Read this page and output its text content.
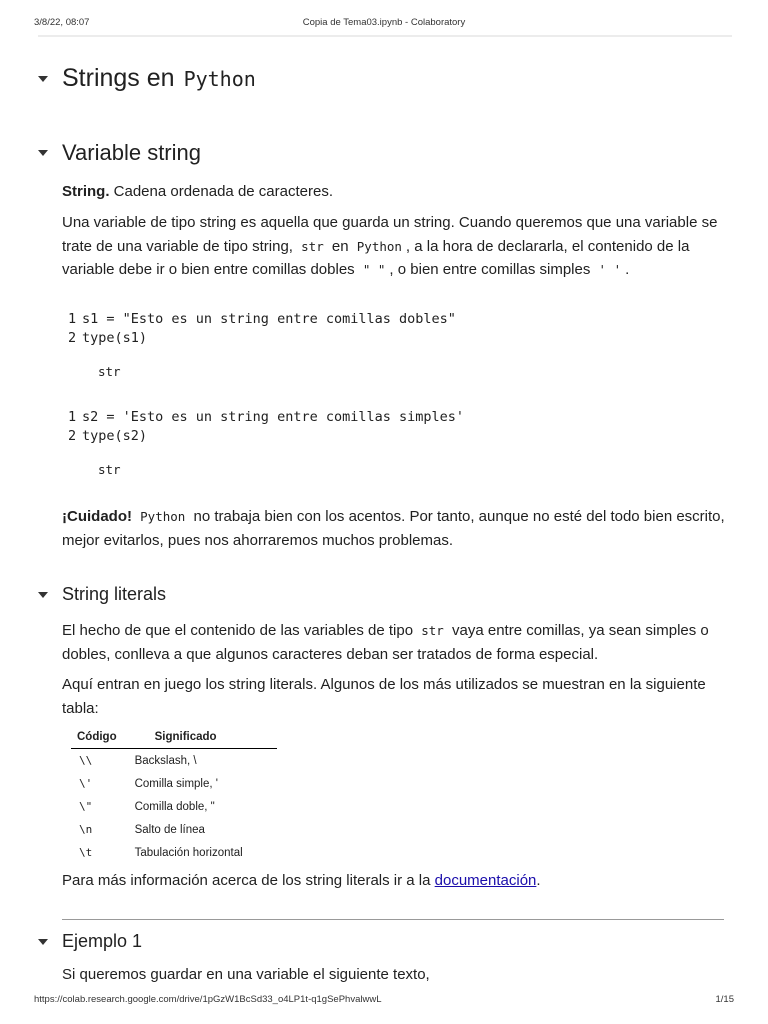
3/8/22, 08:07	Copia de Tema03.ipynb - Colaboratory
Strings en Python
Variable string
String. Cadena ordenada de caracteres.
Una variable de tipo string es aquella que guarda un string. Cuando queremos que una variable se trate de una variable de tipo string, str en Python , a la hora de declararla, el contenido de la variable debe ir o bien entre comillas dobles " " , o bien entre comillas simples ' ' .
1 s1 = "Esto es un string entre comillas dobles"
2 type(s1)
str
1 s2 = 'Esto es un string entre comillas simples'
2 type(s2)
str
¡Cuidado! Python no trabaja bien con los acentos. Por tanto, aunque no esté del todo bien escrito, mejor evitarlos, pues nos ahorraremos muchos problemas.
String literals
El hecho de que el contenido de las variables de tipo str vaya entre comillas, ya sean simples o dobles, conlleva a que algunos caracteres deban ser tratados de forma especial.
Aquí entran en juego los string literals. Algunos de los más utilizados se muestran en la siguiente tabla:
Código	Significado
\\	Backslash, \
\'	Comilla simple, '
\"	Comilla doble, "
\n	Salto de línea
\t	Tabulación horizontal
Para más información acerca de los string literals ir a la documentación.
Ejemplo 1
Si queremos guardar en una variable el siguiente texto,
https://colab.research.google.com/drive/1pGzW1BcSd33_o4LP1t-q1gSePhvalwwL	1/15
